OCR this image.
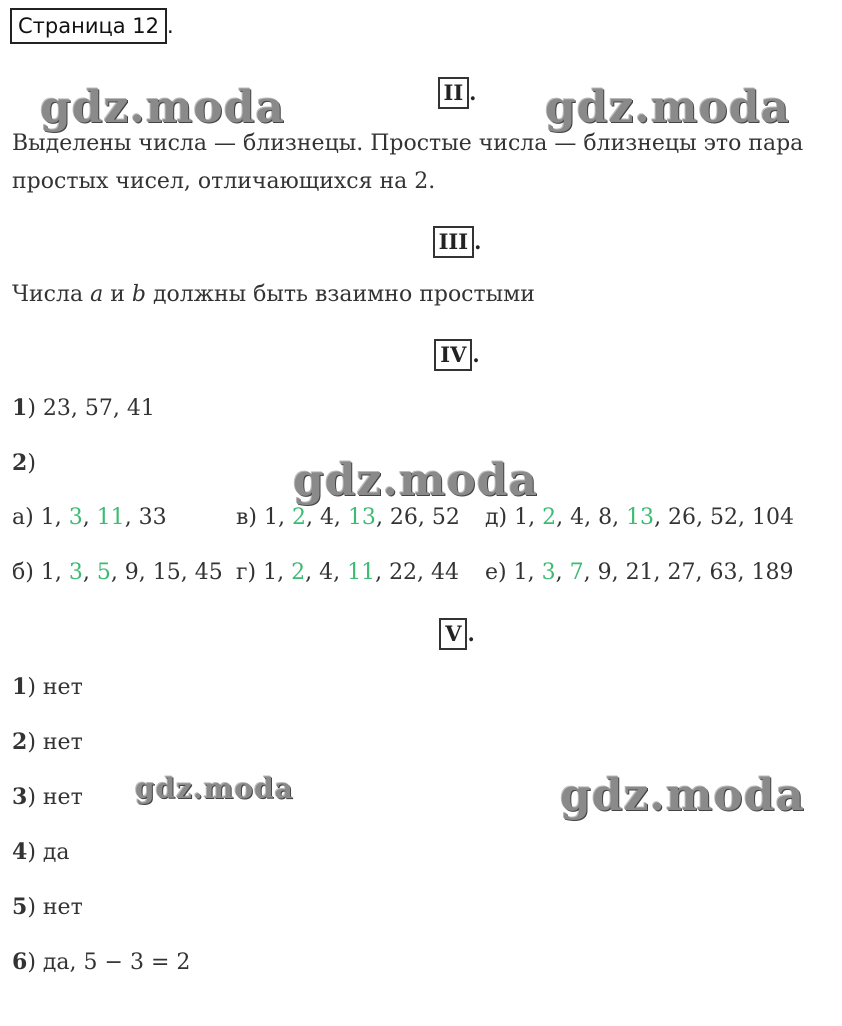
Страница 12 .
gdz.moda	gdz.moda
gdz.moda
gdz.moda	gdz.moda
II .
Выделены числа — близнецы. Простые числа — близнецы это пара
простых чисел, отличающихся на 2.
III .
Числа a и b должны быть взаимно простыми
IV .
1) 23, 57, 41
2)
а) 1, 3, 11, 33	в) 1, 2, 4, 13, 26, 52 д) 1, 2, 4, 8, 13, 26, 52, 104
б) 1, 3, 5, 9, 15, 45 г) 1, 2, 4, 11, 22, 44 е) 1, 3, 7, 9, 21, 27, 63, 189
V .
1) нет
2) нет
3) нет
4) да
5) нет
6) да, 5 − 3 = 2
